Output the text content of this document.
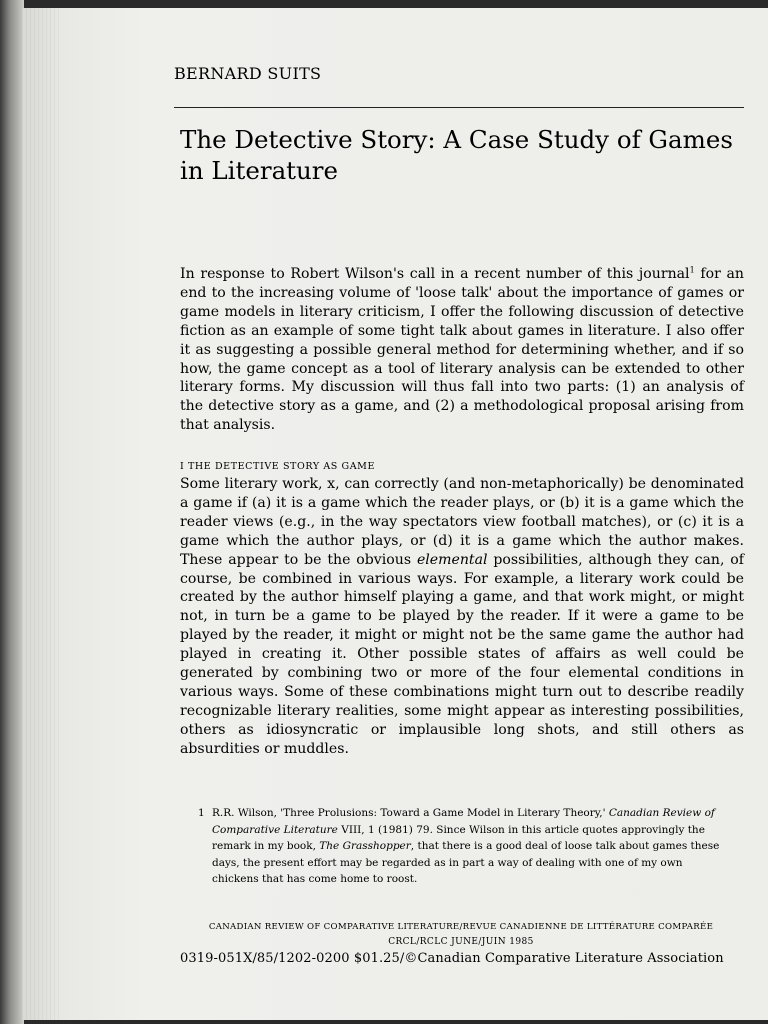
BERNARD SUITS
The Detective Story: A Case Study of Games in Literature

In response to Robert Wilson's call in a recent number of this journal$^1$ for an end to the increasing volume of 'loose talk' about the importance of games or game models in literary criticism, I offer the following discussion of detective fiction as an example of some tight talk about games in literature. I also offer it as suggesting a possible general method for determining whether, and if so how, the game concept as a tool of literary analysis can be extended to other literary forms. My discussion will thus fall into two parts: (1) an analysis of the detective story as a game, and (2) a methodological proposal arising from that analysis.

I THE DETECTIVE STORY AS GAME

Some literary work, x, can correctly (and non-metaphorically) be denominated a game if (a) it is a game which the reader plays, or (b) it is a game which the reader views (e.g., in the way spectators view football matches), or (c) it is a game which the author plays, or (d) it is a game which the author makes. These appear to be the obvious elemental possibilities, although they can, of course, be combined in various ways. For example, a literary work could be created by the author himself playing a game, and that work might, or might not, in turn be a game to be played by the reader. If it were a game to be played by the reader, it might or might not be the same game the author had played in creating it. Other possible states of affairs as well could be generated by combining two or more of the four elemental conditions in various ways. Some of these combinations might turn out to describe readily recognizable literary realities, some might appear as interesting possibilities, others as idiosyncratic or implausible long shots, and still others as absurdities or muddles.

1 R.R. Wilson, 'Three Prolusions: Toward a Game Model in Literary Theory,' Canadian Review of Comparative Literature VIII, 1 (1981) 79. Since Wilson in this article quotes approvingly the remark in my book, The Grasshopper, that there is a good deal of loose talk about games these days, the present effort may be regarded as in part a way of dealing with one of my own chickens that has come home to roost.

CANADIAN REVIEW OF COMPARATIVE LITERATURE/REVUE CANADIENNE DE LITTÉRATURE COMPARÉE
CRCL/RCLC JUNE/JUIN 1985
0319-051X/85/1202-0200 $01.25/©Canadian Comparative Literature Association
